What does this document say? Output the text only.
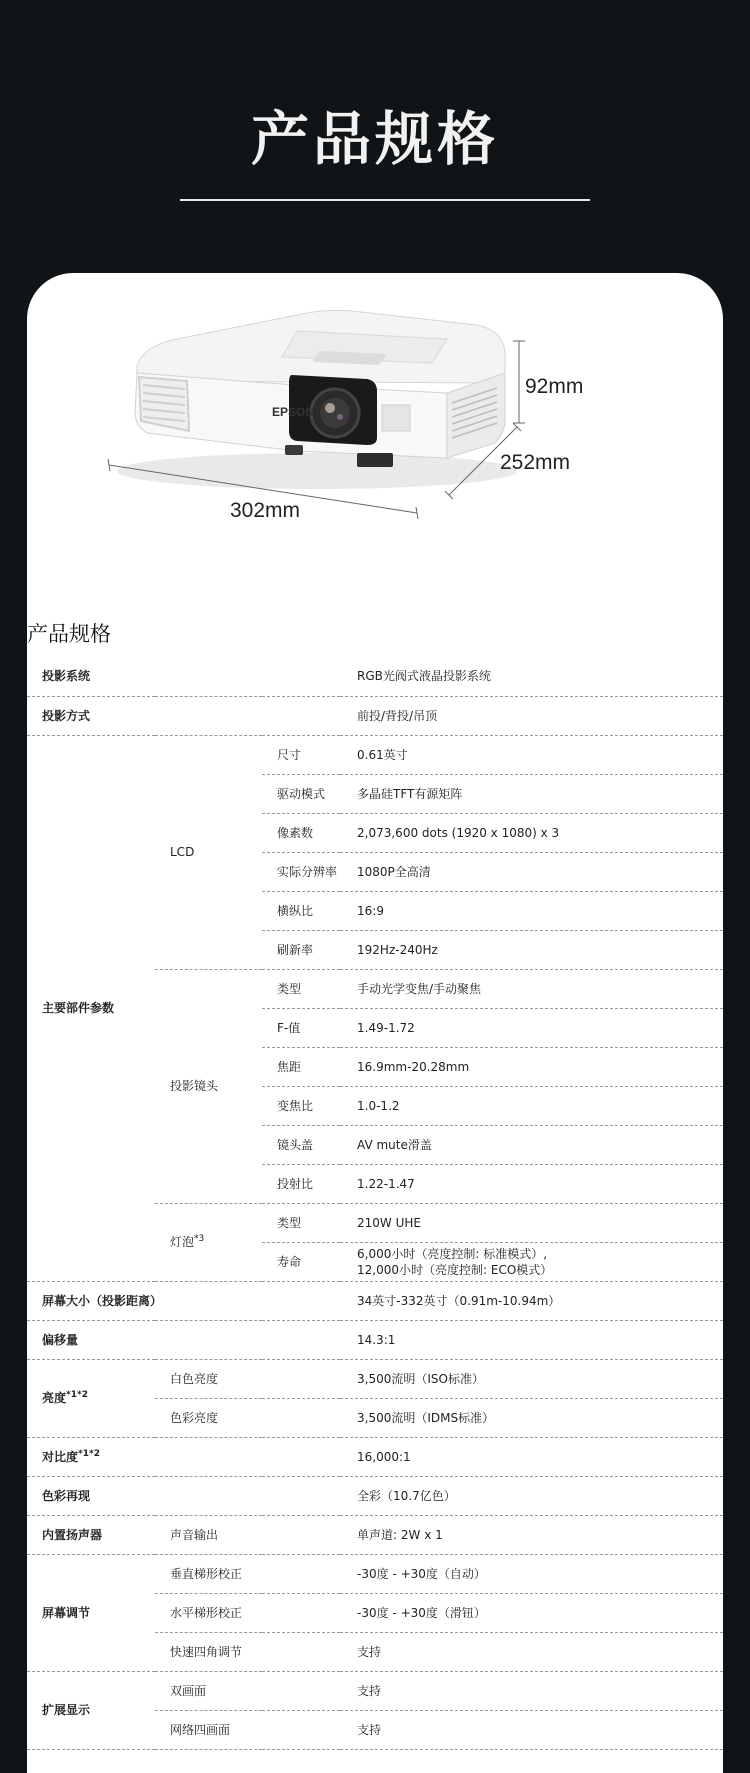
产品规格
EPSON
92mm
252mm
302mm
产品规格
投影系统			RGB光阀式液晶投影系统
投影方式			前投/背投/吊顶
主要部件参数	LCD	尺寸	0.61英寸
		驱动模式	多晶硅TFT有源矩阵
		像素数	2,073,600 dots (1920 x 1080) x 3
		实际分辨率	1080P全高清
		横纵比	16:9
		刷新率	192Hz-240Hz
	投影镜头	类型	手动光学变焦/手动聚焦
		F-值	1.49-1.72
		焦距	16.9mm-20.28mm
		变焦比	1.0-1.2
		镜头盖	AV mute滑盖
		投射比	1.22-1.47
	灯泡$^{*3}$	类型	210W UHE
		寿命	6,000小时（亮度控制: 标准模式）,
12,000小时（亮度控制: ECO模式）

屏幕大小（投影距离）			34英寸-332英寸（0.91m-10.94m）
偏移量			14.3:1
亮度$^{*1*2}$	白色亮度		3,500流明（ISO标准）
	色彩亮度		3,500流明（IDMS标准）
对比度$^{*1*2}$			16,000:1
色彩再现			全彩（10.7亿色）
内置扬声器	声音输出		单声道: 2W x 1
屏幕调节	垂直梯形校正		-30度 - +30度（自动）
	水平梯形校正		-30度 - +30度（滑钮）
	快速四角调节		支持
扩展显示	双画面		支持
	网络四画面		支持
